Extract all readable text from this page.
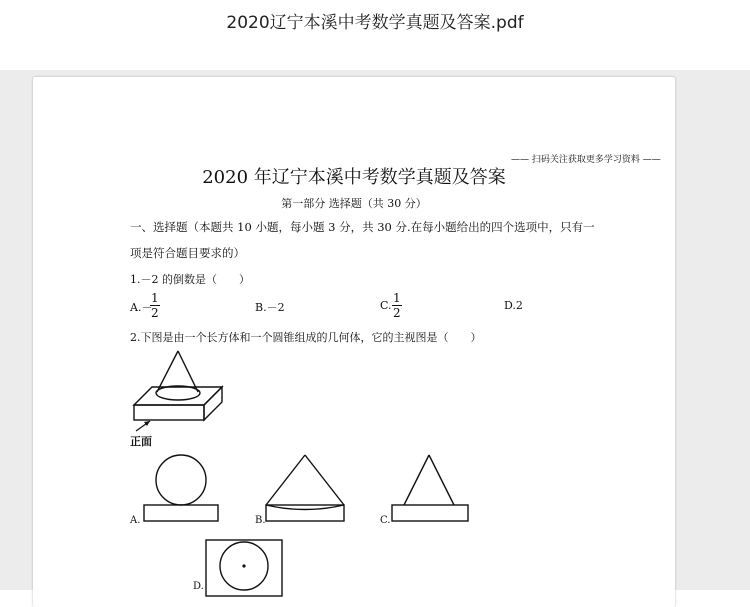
2020辽宁本溪中考数学真题及答案.pdf
—— 扫码关注获取更多学习资料 ——
2020 年辽宁本溪中考数学真题及答案
第一部分 选择题（共 30 分）
一、选择题（本题共 10 小题，每小题 3 分，共 30 分.在每小题给出的四个选项中，只有一
项是符合题目要求的）
1.－2 的倒数是（　　）
A.－
$\frac{1}{2}$	B.－2	C. $\frac{1}{2}$	D.2
2.下图是由一个长方体和一个圆锥组成的几何体，它的主视图是（　　）
正面
A.	B.	C.
D.
